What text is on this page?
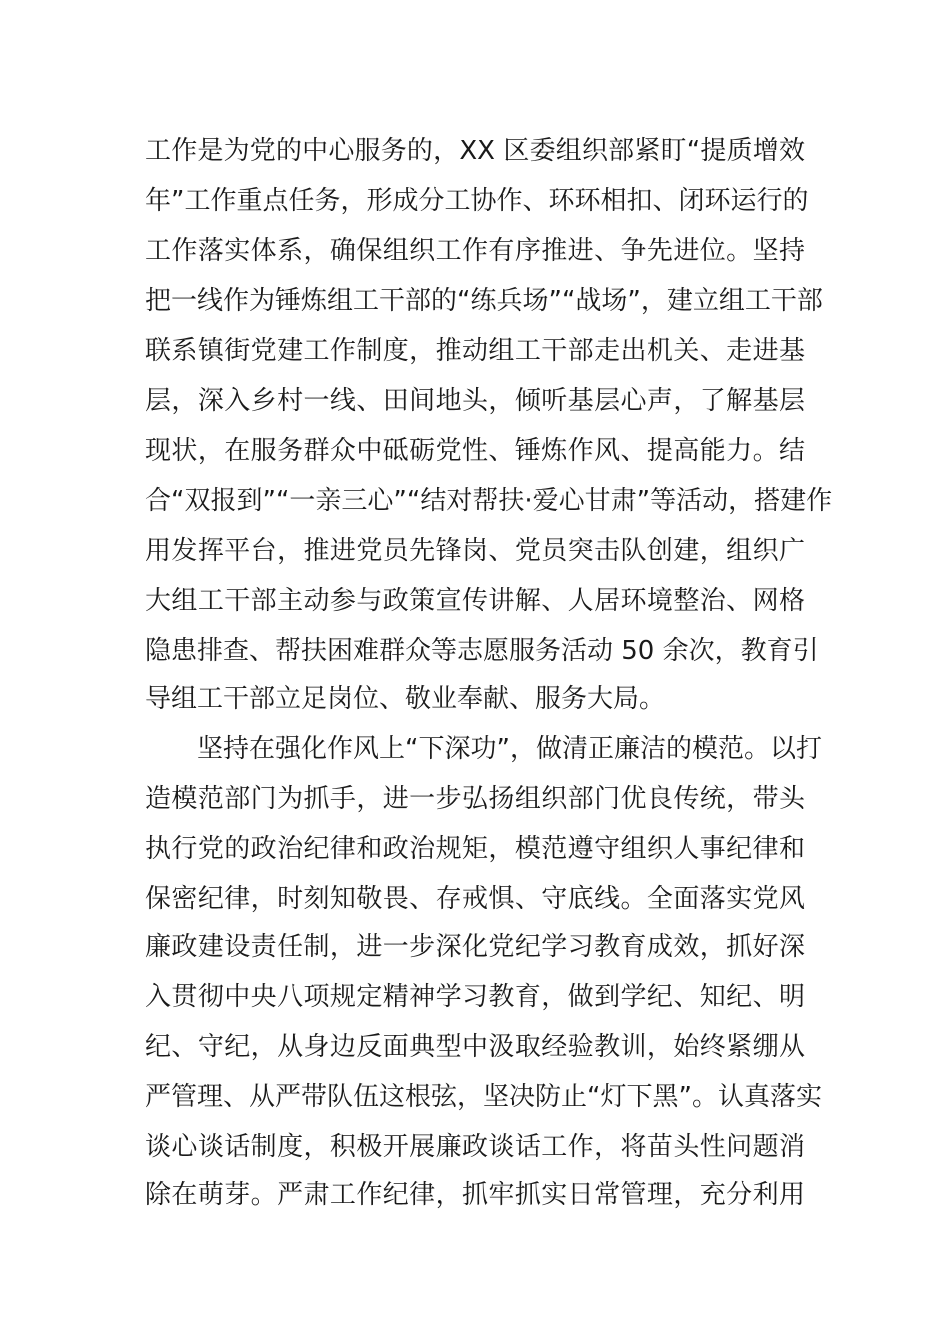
工作是为党的中心服务的，XX 区委组织部紧盯“提质增效
年”工作重点任务，形成分工协作、环环相扣、闭环运行的
工作落实体系，确保组织工作有序推进、争先进位。坚持
把一线作为锤炼组工干部的“练兵场”“战场”，建立组工干部
联系镇街党建工作制度，推动组工干部走出机关、走进基
层，深入乡村一线、田间地头，倾听基层心声，了解基层
现状，在服务群众中砥砺党性、锤炼作风、提高能力。结
合“双报到”“一亲三心”“结对帮扶·爱心甘肃”等活动，搭建作
用发挥平台，推进党员先锋岗、党员突击队创建，组织广
大组工干部主动参与政策宣传讲解、人居环境整治、网格
隐患排查、帮扶困难群众等志愿服务活动 50 余次，教育引
导组工干部立足岗位、敬业奉献、服务大局。
坚持在强化作风上“下深功”，做清正廉洁的模范。以打
造模范部门为抓手，进一步弘扬组织部门优良传统，带头
执行党的政治纪律和政治规矩，模范遵守组织人事纪律和
保密纪律，时刻知敬畏、存戒惧、守底线。全面落实党风
廉政建设责任制，进一步深化党纪学习教育成效，抓好深
入贯彻中央八项规定精神学习教育，做到学纪、知纪、明
纪、守纪，从身边反面典型中汲取经验教训，始终紧绷从
严管理、从严带队伍这根弦，坚决防止“灯下黑”。认真落实
谈心谈话制度，积极开展廉政谈话工作，将苗头性问题消
除在萌芽。严肃工作纪律，抓牢抓实日常管理，充分利用
